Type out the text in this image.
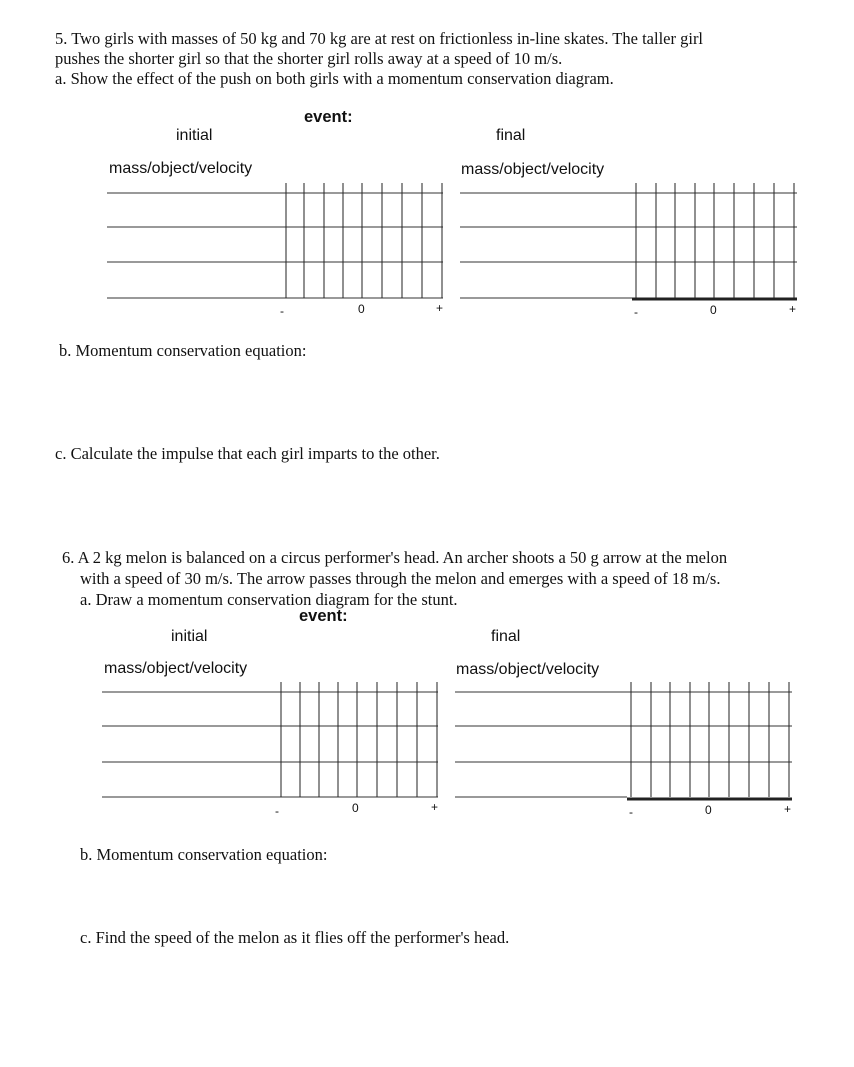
5. Two girls with masses of 50 kg and 70 kg are at rest on frictionless in-line skates. The taller girl
pushes the shorter girl so that the shorter girl rolls away at a speed of 10 m/s.
a. Show the effect of the push on both girls with a momentum conservation diagram.
event:
initial	final
mass/object/velocity	mass/object/velocity
-	0	+	-	0	+
b. Momentum conservation equation:
c. Calculate the impulse that each girl imparts to the other.
6. A 2 kg melon is balanced on a circus performer's head. An archer shoots a 50 g arrow at the melon
with a speed of 30 m/s. The arrow passes through the melon and emerges with a speed of 18 m/s.
a. Draw a momentum conservation diagram for the stunt.
event:
initial	final
mass/object/velocity	mass/object/velocity
-	0	+	-	0	+
b. Momentum conservation equation:
c. Find the speed of the melon as it flies off the performer's head.
